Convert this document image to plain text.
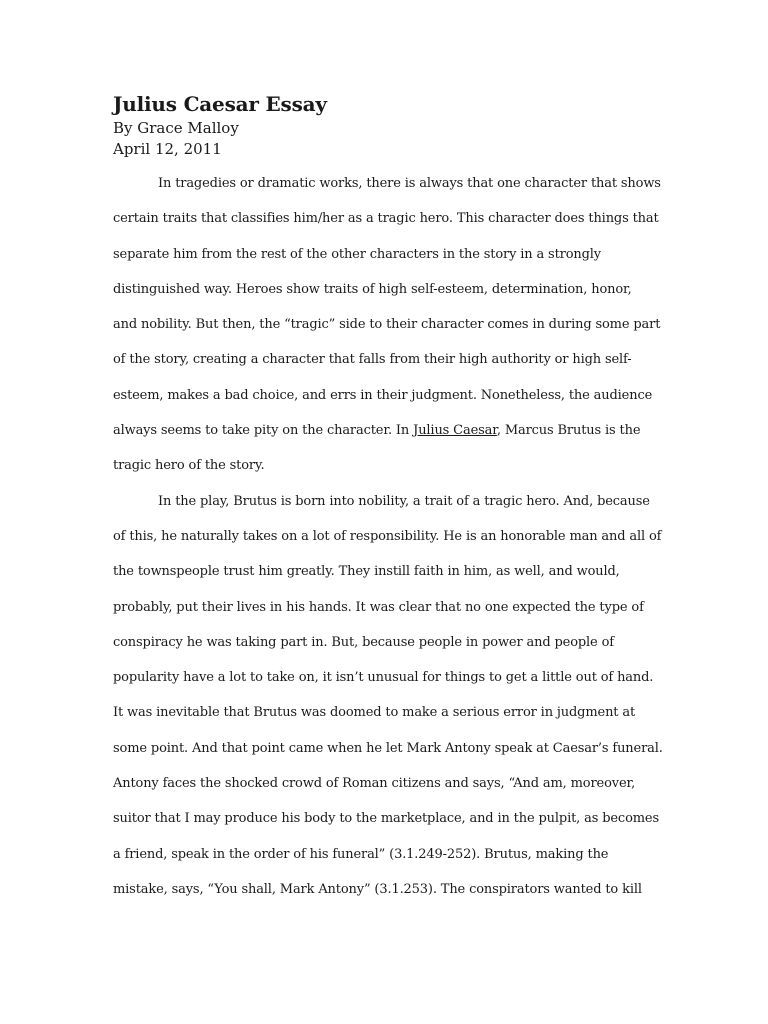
Julius Caesar Essay

By Grace Malloy

April 12, 2011

In tragedies or dramatic works, there is always that one character that shows
certain traits that classifies him/her as a tragic hero. This character does things that
separate him from the rest of the other characters in the story in a strongly
distinguished way. Heroes show traits of high self-esteem, determination, honor,
and nobility. But then, the “tragic” side to their character comes in during some part
of the story, creating a character that falls from their high authority or high self-
esteem, makes a bad choice, and errs in their judgment. Nonetheless, the audience
always seems to take pity on the character. In Julius Caesar, Marcus Brutus is the
tragic hero of the story.
In the play, Brutus is born into nobility, a trait of a tragic hero. And, because
of this, he naturally takes on a lot of responsibility. He is an honorable man and all of
the townspeople trust him greatly. They instill faith in him, as well, and would,
probably, put their lives in his hands. It was clear that no one expected the type of
conspiracy he was taking part in. But, because people in power and people of
popularity have a lot to take on, it isn’t unusual for things to get a little out of hand.
It was inevitable that Brutus was doomed to make a serious error in judgment at
some point. And that point came when he let Mark Antony speak at Caesar’s funeral.
Antony faces the shocked crowd of Roman citizens and says, “And am, moreover,
suitor that I may produce his body to the marketplace, and in the pulpit, as becomes
a friend, speak in the order of his funeral” (3.1.249-252). Brutus, making the
mistake, says, “You shall, Mark Antony” (3.1.253). The conspirators wanted to kill
